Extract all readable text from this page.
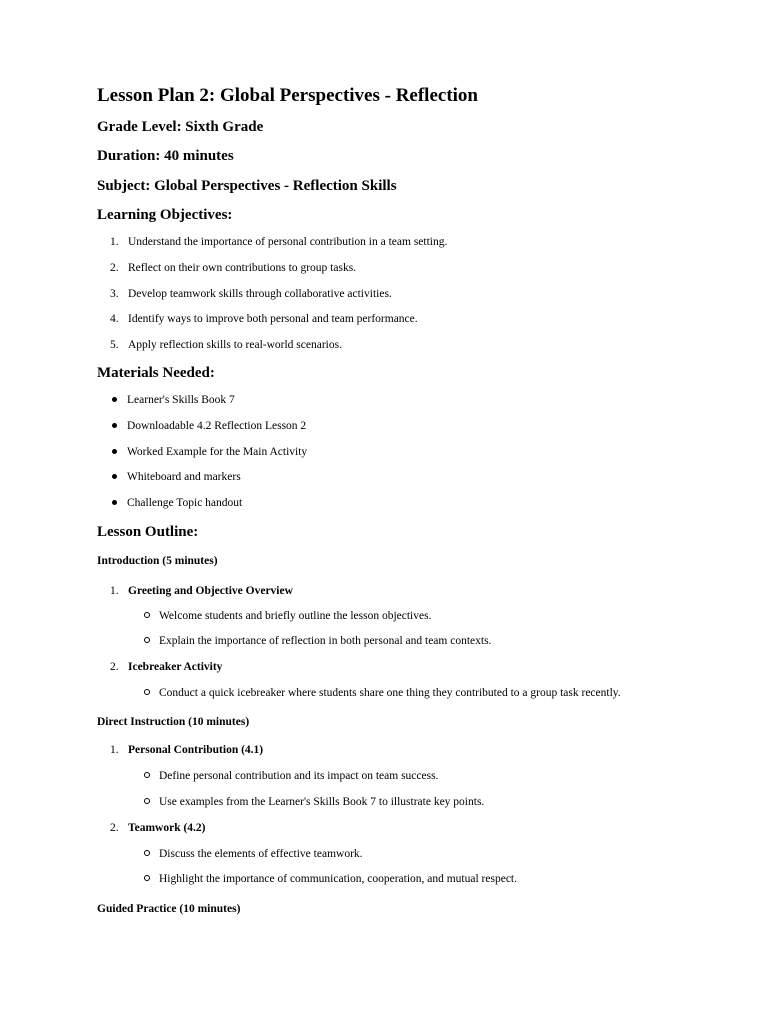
Lesson Plan 2: Global Perspectives - Reflection

Grade Level: Sixth Grade

Duration: 40 minutes

Subject: Global Perspectives - Reflection Skills

Learning Objectives:

1. Understand the importance of personal contribution in a team setting.

2. Reflect on their own contributions to group tasks.

3. Develop teamwork skills through collaborative activities.

4. Identify ways to improve both personal and team performance.

5. Apply reflection skills to real-world scenarios.

Materials Needed:

Learner's Skills Book 7

Downloadable 4.2 Reflection Lesson 2

Worked Example for the Main Activity

Whiteboard and markers

Challenge Topic handout

Lesson Outline:
Introduction (5 minutes)

1. Greeting and Objective Overview

Welcome students and briefly outline the lesson objectives.

Explain the importance of reflection in both personal and team contexts.

2. Icebreaker Activity

Conduct a quick icebreaker where students share one thing they contributed to a group task recently.

Direct Instruction (10 minutes)

1. Personal Contribution (4.1)

Define personal contribution and its impact on team success.

Use examples from the Learner's Skills Book 7 to illustrate key points.

2. Teamwork (4.2)

Discuss the elements of effective teamwork.

Highlight the importance of communication, cooperation, and mutual respect.

Guided Practice (10 minutes)
